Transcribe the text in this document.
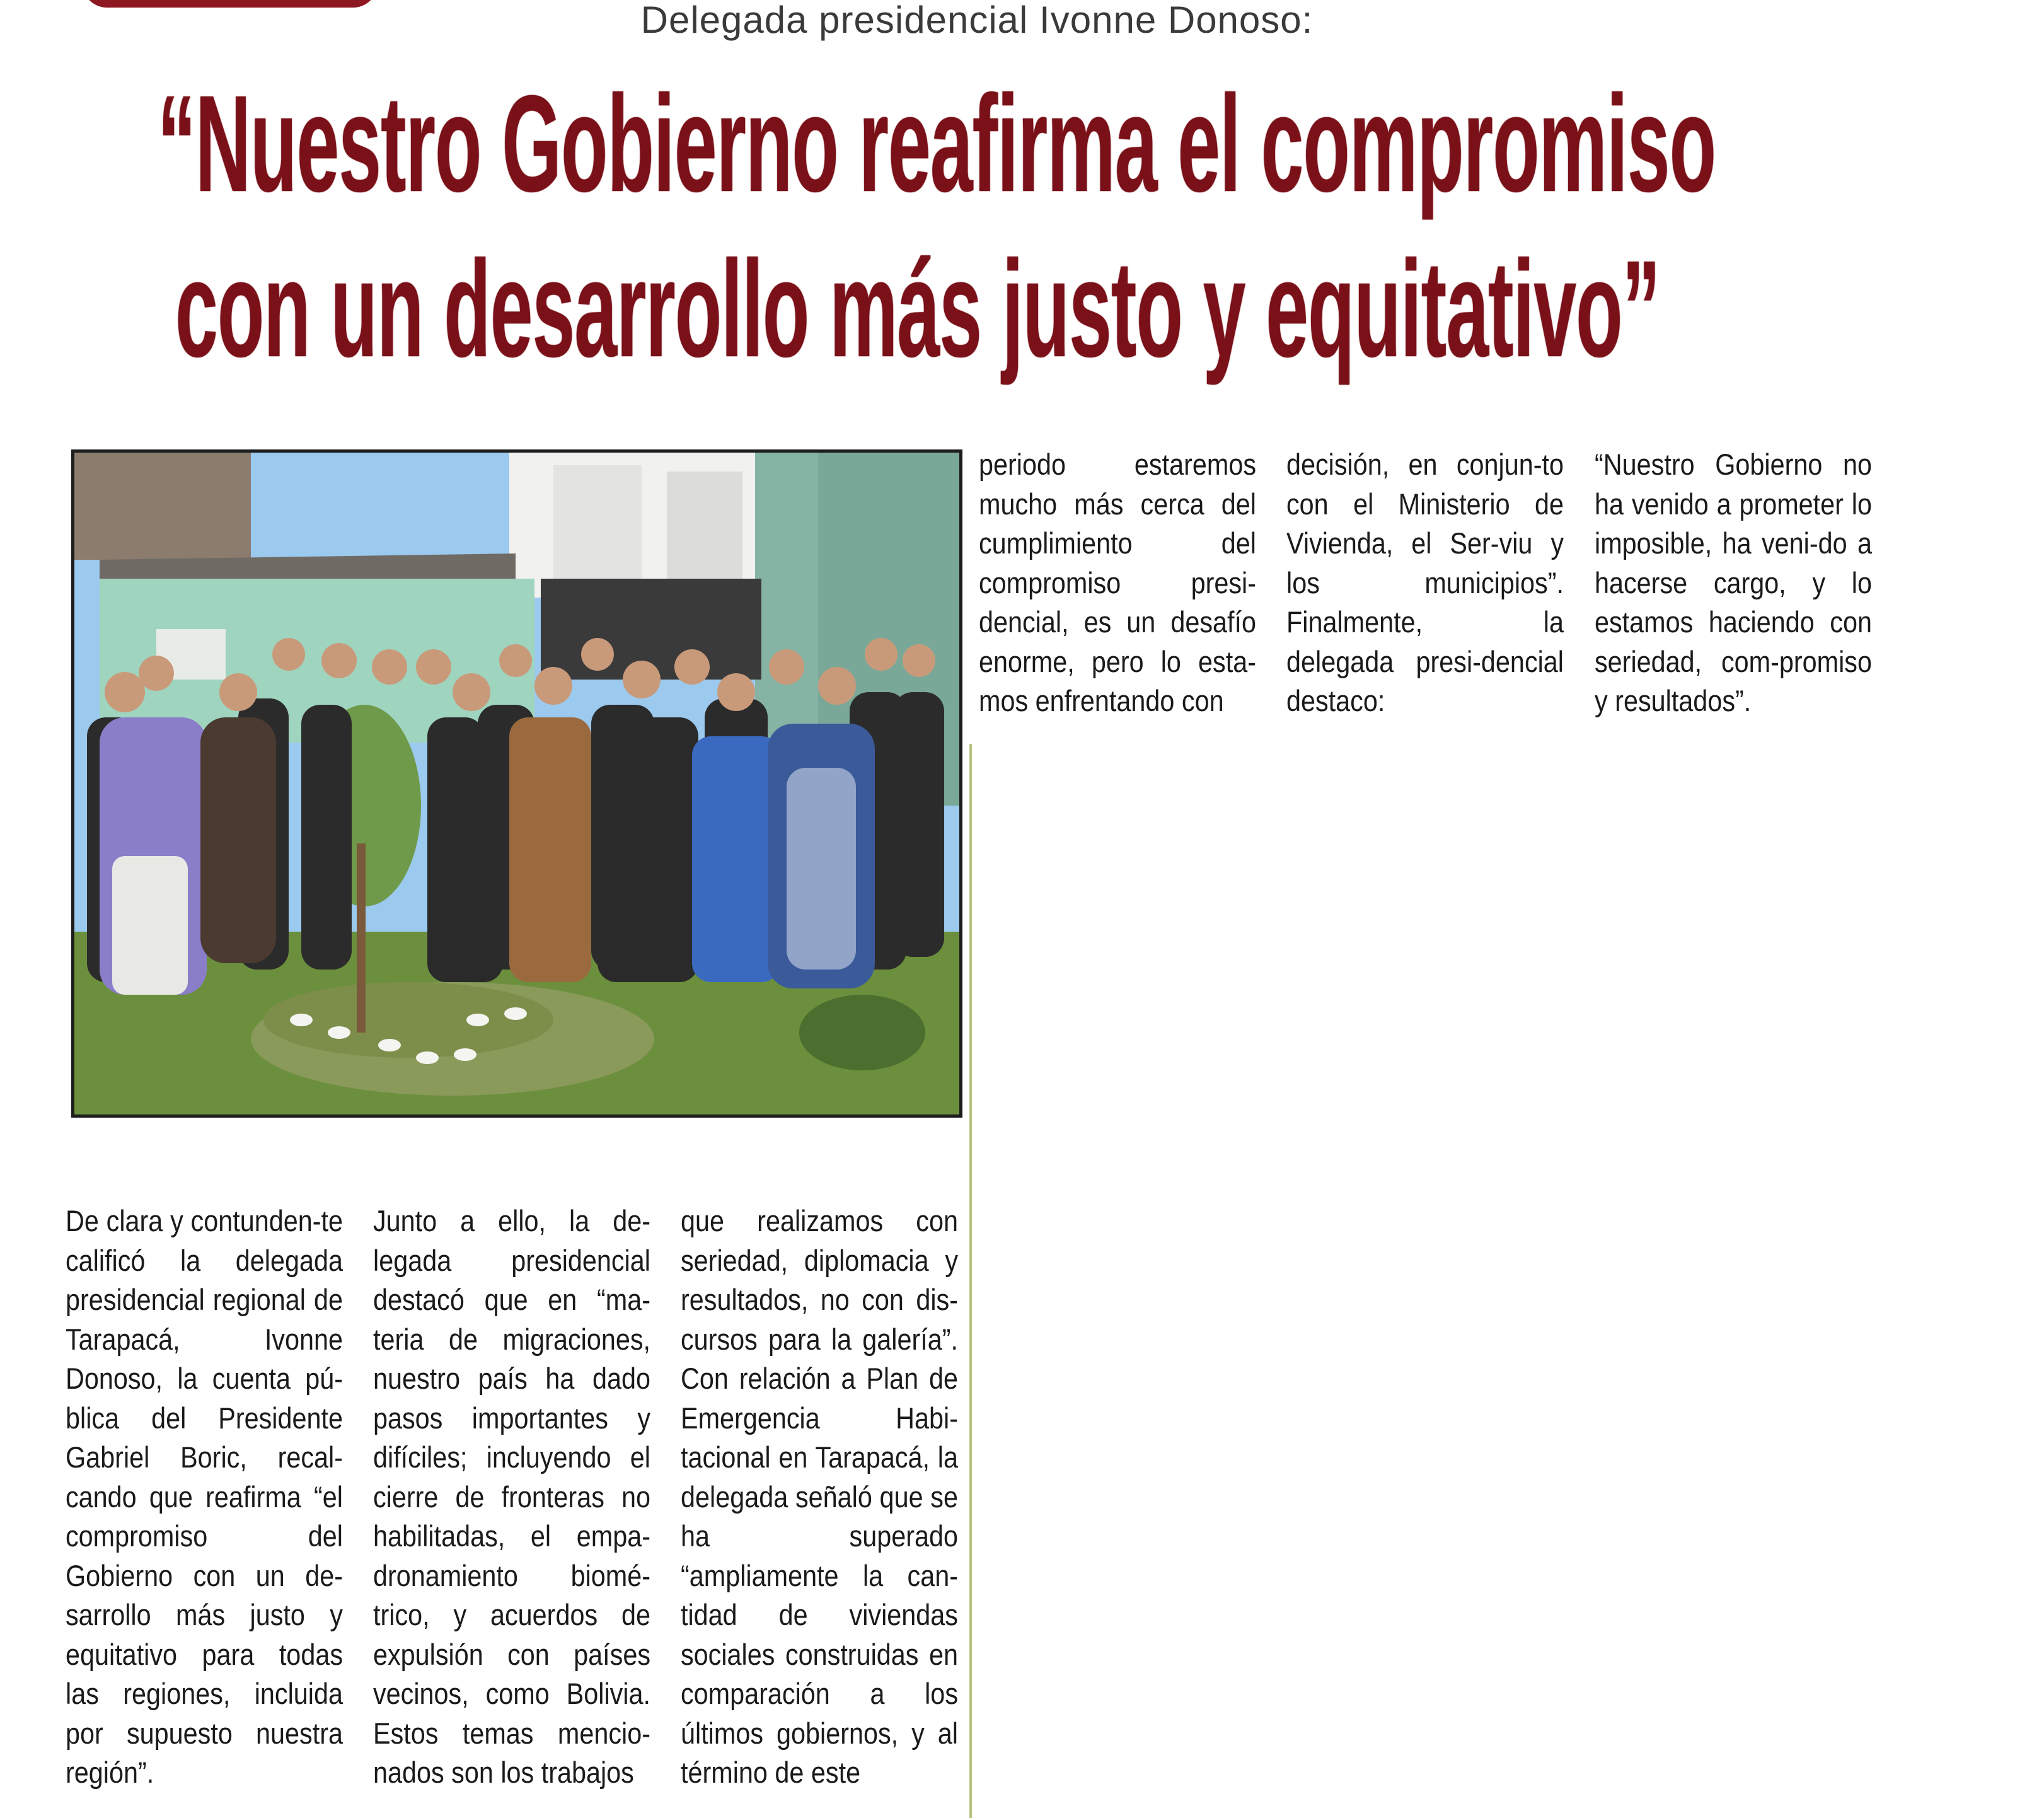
Delegada presidencial Ivonne Donoso:
“Nuestro Gobierno reafirma el compromiso
con un desarrollo más justo y equitativo”
periodo estaremos mucho más cerca del cumplimiento del compromiso presi-dencial, es un desafío enorme, pero lo esta-mos enfrentando con
decisión, en conjun-to con el Ministerio de Vivienda, el Ser-viu y los municipios”. Finalmente, la delegada presi-dencial destaco:
“Nuestro Gobierno no ha venido a prometer lo imposible, ha veni-do a hacerse cargo, y lo estamos haciendo con seriedad, com-promiso y resultados”.
De clara y contunden-te calificó la delegada presidencial regional de Tarapacá, Ivonne Donoso, la cuenta pú-blica del Presidente Gabriel Boric, recal-cando que reafirma “el compromiso del Gobierno con un de-sarrollo más justo y equitativo para todas las regiones, incluida por supuesto nuestra región”.
Junto a ello, la de-legada presidencial destacó que en “ma-teria de migraciones, nuestro país ha dado pasos importantes y difíciles; incluyendo el cierre de fronteras no habilitadas, el empa-dronamiento biomé-trico, y acuerdos de expulsión con países vecinos, como Bolivia. Estos temas mencio-nados son los trabajos
que realizamos con seriedad, diplomacia y resultados, no con dis-cursos para la galería”. Con relación a Plan de Emergencia Habi-tacional en Tarapacá, la delegada señaló que se ha superado “ampliamente la can-tidad de viviendas sociales construidas en comparación a los últimos gobiernos, y al término de este
